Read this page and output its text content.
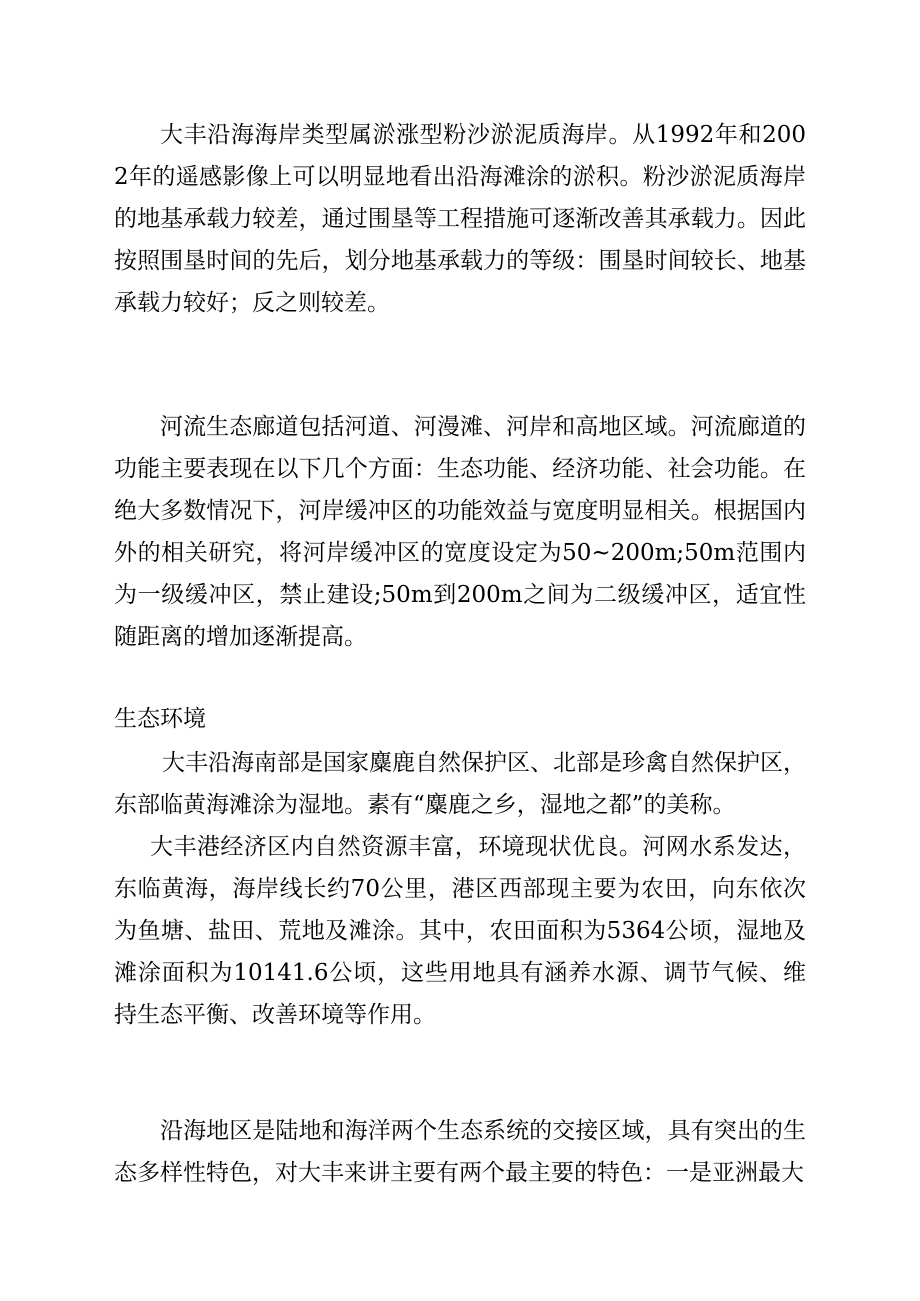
大丰沿海海岸类型属淤涨型粉沙淤泥质海岸。从1992年和2002年的遥感影像上可以明显地看出沿海滩涂的淤积。粉沙淤泥质海岸的地基承载力较差，通过围垦等工程措施可逐渐改善其承载力。因此按照围垦时间的先后，划分地基承载力的等级：围垦时间较长、地基承载力较好；反之则较差。

河流生态廊道包括河道、河漫滩、河岸和高地区域。河流廊道的功能主要表现在以下几个方面：生态功能、经济功能、社会功能。在绝大多数情况下，河岸缓冲区的功能效益与宽度明显相关。根据国内外的相关研究，将河岸缓冲区的宽度设定为50~200m;50m范围内为一级缓冲区，禁止建设;50m到200m之间为二级缓冲区，适宜性随距离的增加逐渐提高。

生态环境

大丰沿海南部是国家麋鹿自然保护区、北部是珍禽自然保护区，东部临黄海滩涂为湿地。素有“麋鹿之乡，湿地之都”的美称。

大丰港经济区内自然资源丰富，环境现状优良。河网水系发达，东临黄海，海岸线长约70公里，港区西部现主要为农田，向东依次为鱼塘、盐田、荒地及滩涂。其中，农田面积为5364公顷，湿地及滩涂面积为10141.6公顷，这些用地具有涵养水源、调节气候、维持生态平衡、改善环境等作用。

沿海地区是陆地和海洋两个生态系统的交接区域，具有突出的生态多样性特色，对大丰来讲主要有两个最主要的特色：一是亚洲最大
